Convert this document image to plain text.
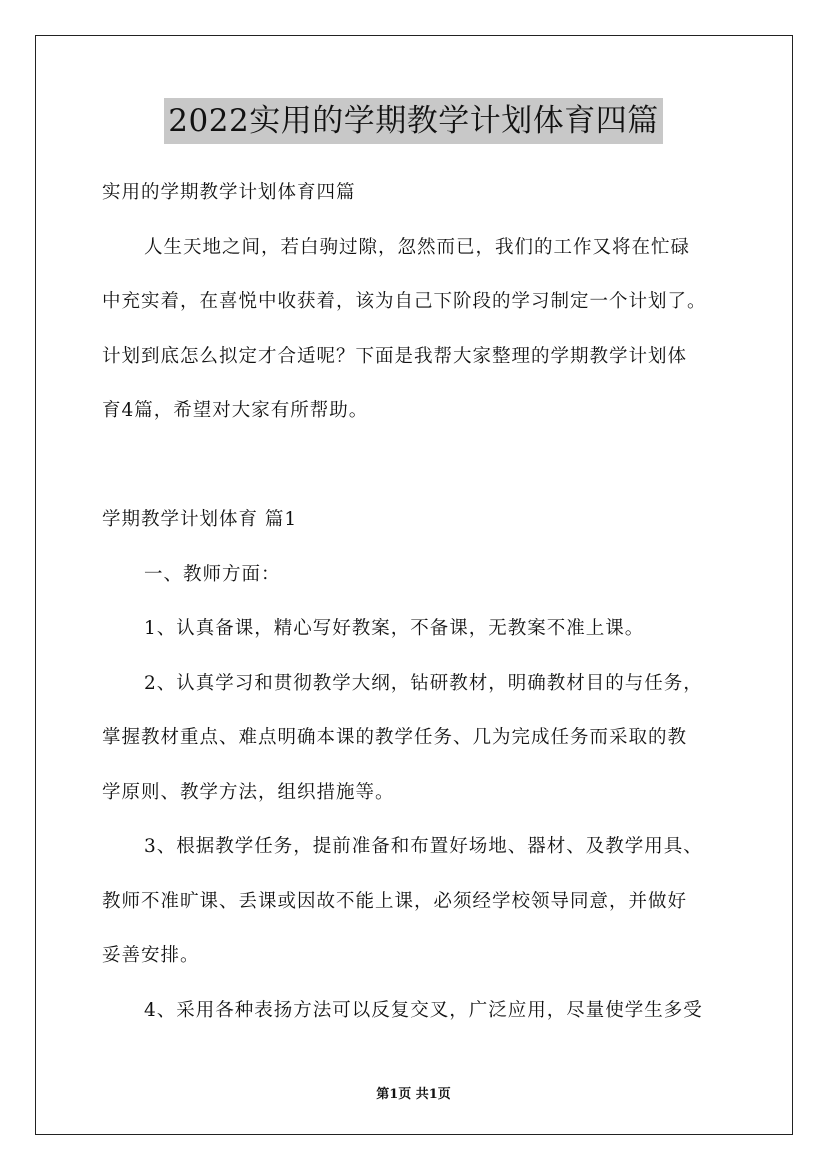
2022实用的学期教学计划体育四篇
实用的学期教学计划体育四篇
人生天地之间，若白驹过隙，忽然而已，我们的工作又将在忙碌
中充实着，在喜悦中收获着，该为自己下阶段的学习制定一个计划了。
计划到底怎么拟定才合适呢？下面是我帮大家整理的学期教学计划体
育4篇，希望对大家有所帮助。
学期教学计划体育 篇1
一、教师方面：
1、认真备课，精心写好教案，不备课，无教案不准上课。
2、认真学习和贯彻教学大纲，钻研教材，明确教材目的与任务，
掌握教材重点、难点明确本课的教学任务、几为完成任务而采取的教
学原则、教学方法，组织措施等。
3、根据教学任务，提前准备和布置好场地、器材、及教学用具、
教师不准旷课、丢课或因故不能上课，必须经学校领导同意，并做好
妥善安排。
4、采用各种表扬方法可以反复交叉，广泛应用，尽量使学生多受
第1页 共1页
